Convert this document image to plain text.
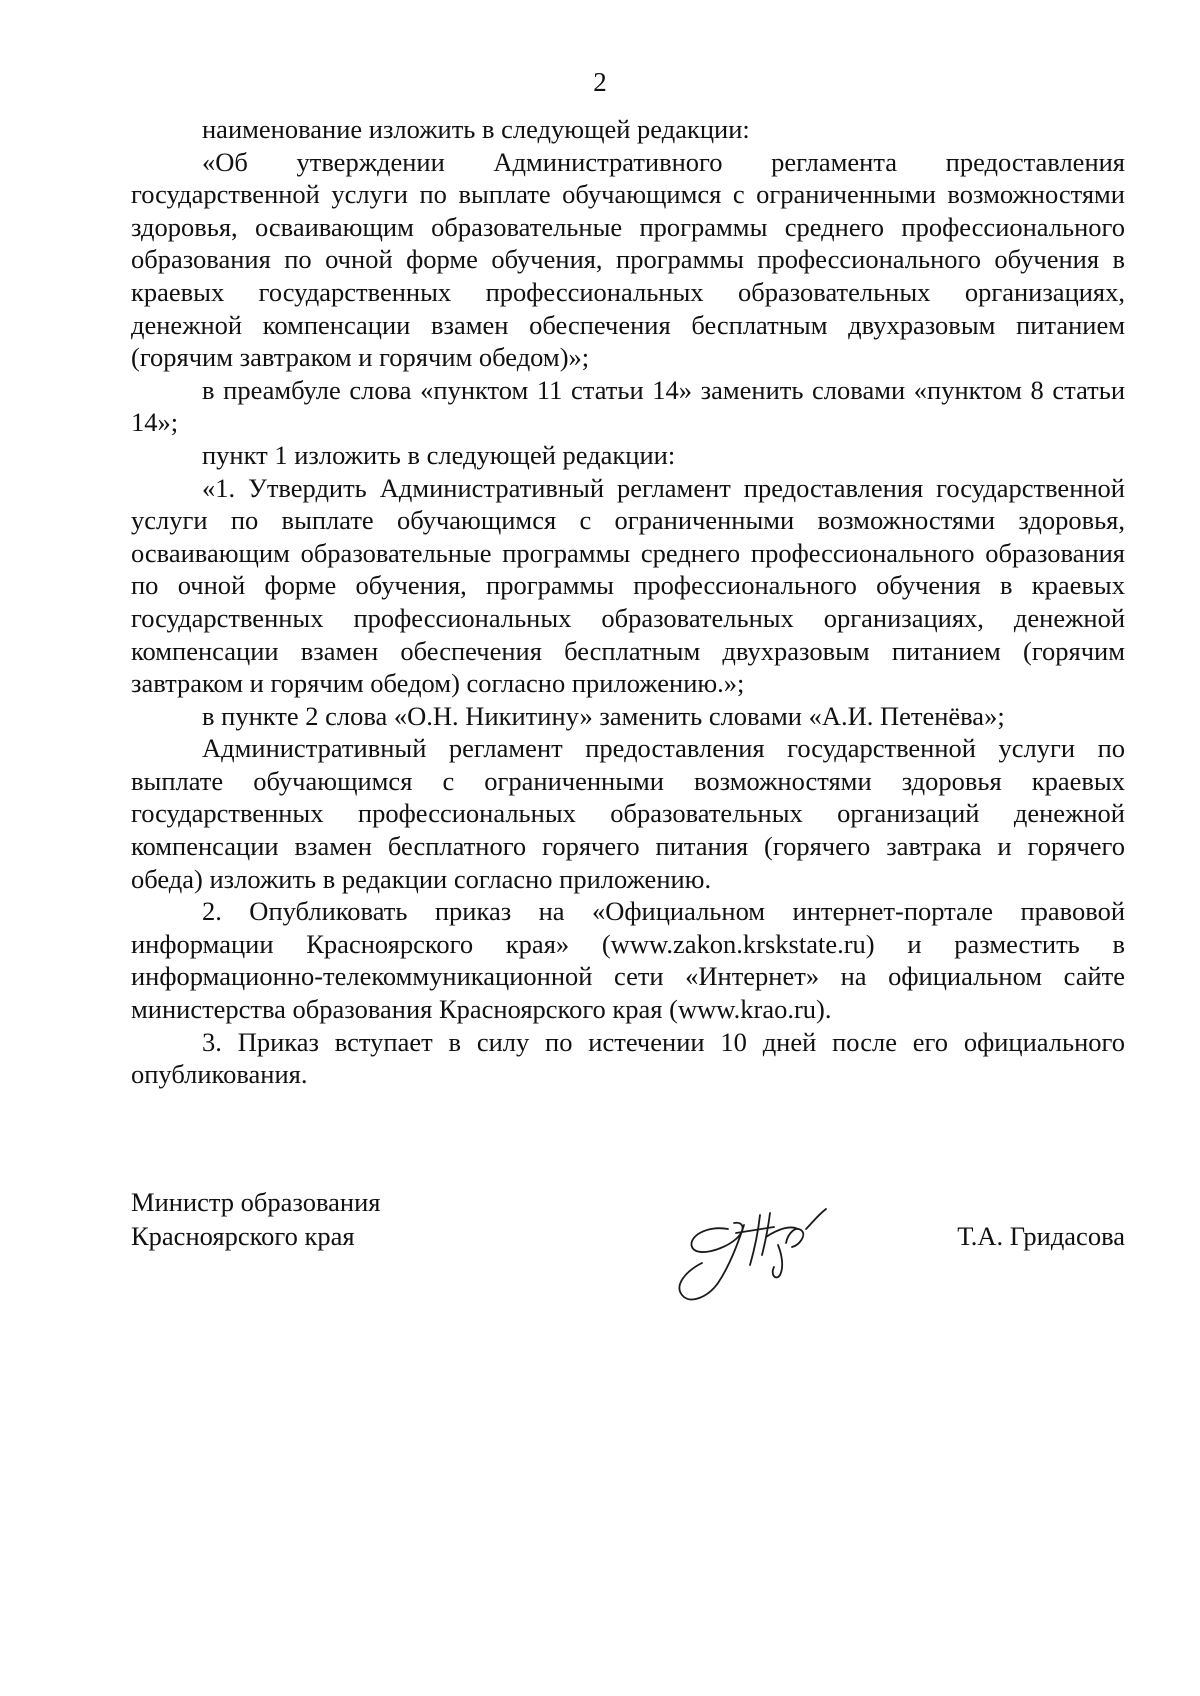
2

наименование изложить в следующей редакции:

«Об утверждении Административного регламента предоставления государственной услуги по выплате обучающимся с ограниченными возможностями здоровья, осваивающим образовательные программы среднего профессионального образования по очной форме обучения, программы профессионального обучения в краевых государственных профессиональных образовательных организациях, денежной компенсации взамен обеспечения бесплатным двухразовым питанием (горячим завтраком и горячим обедом)»;

в преамбуле слова «пунктом 11 статьи 14» заменить словами «пунктом 8 статьи 14»;

пункт 1 изложить в следующей редакции:

«1. Утвердить Административный регламент предоставления государственной услуги по выплате обучающимся с ограниченными возможностями здоровья, осваивающим образовательные программы среднего профессионального образования по очной форме обучения, программы профессионального обучения в краевых государственных профессиональных образовательных организациях, денежной компенсации взамен обеспечения бесплатным двухразовым питанием (горячим завтраком и горячим обедом) согласно приложению.»;

в пункте 2 слова «О.Н. Никитину» заменить словами «А.И. Петенёва»;

Административный регламент предоставления государственной услуги по выплате обучающимся с ограниченными возможностями здоровья краевых государственных профессиональных образовательных организаций денежной компенсации взамен бесплатного горячего питания (горячего завтрака и горячего обеда) изложить в редакции согласно приложению.

2. Опубликовать приказ на «Официальном интернет-портале правовой информации Красноярского края» (www.zakon.krskstate.ru) и разместить в информационно-телекоммуникационной сети «Интернет» на официальном сайте министерства образования Красноярского края (www.krao.ru).

3. Приказ вступает в силу по истечении 10 дней после его официального опубликования.

Министр образования
Красноярского края	Т.А. Гридасова
